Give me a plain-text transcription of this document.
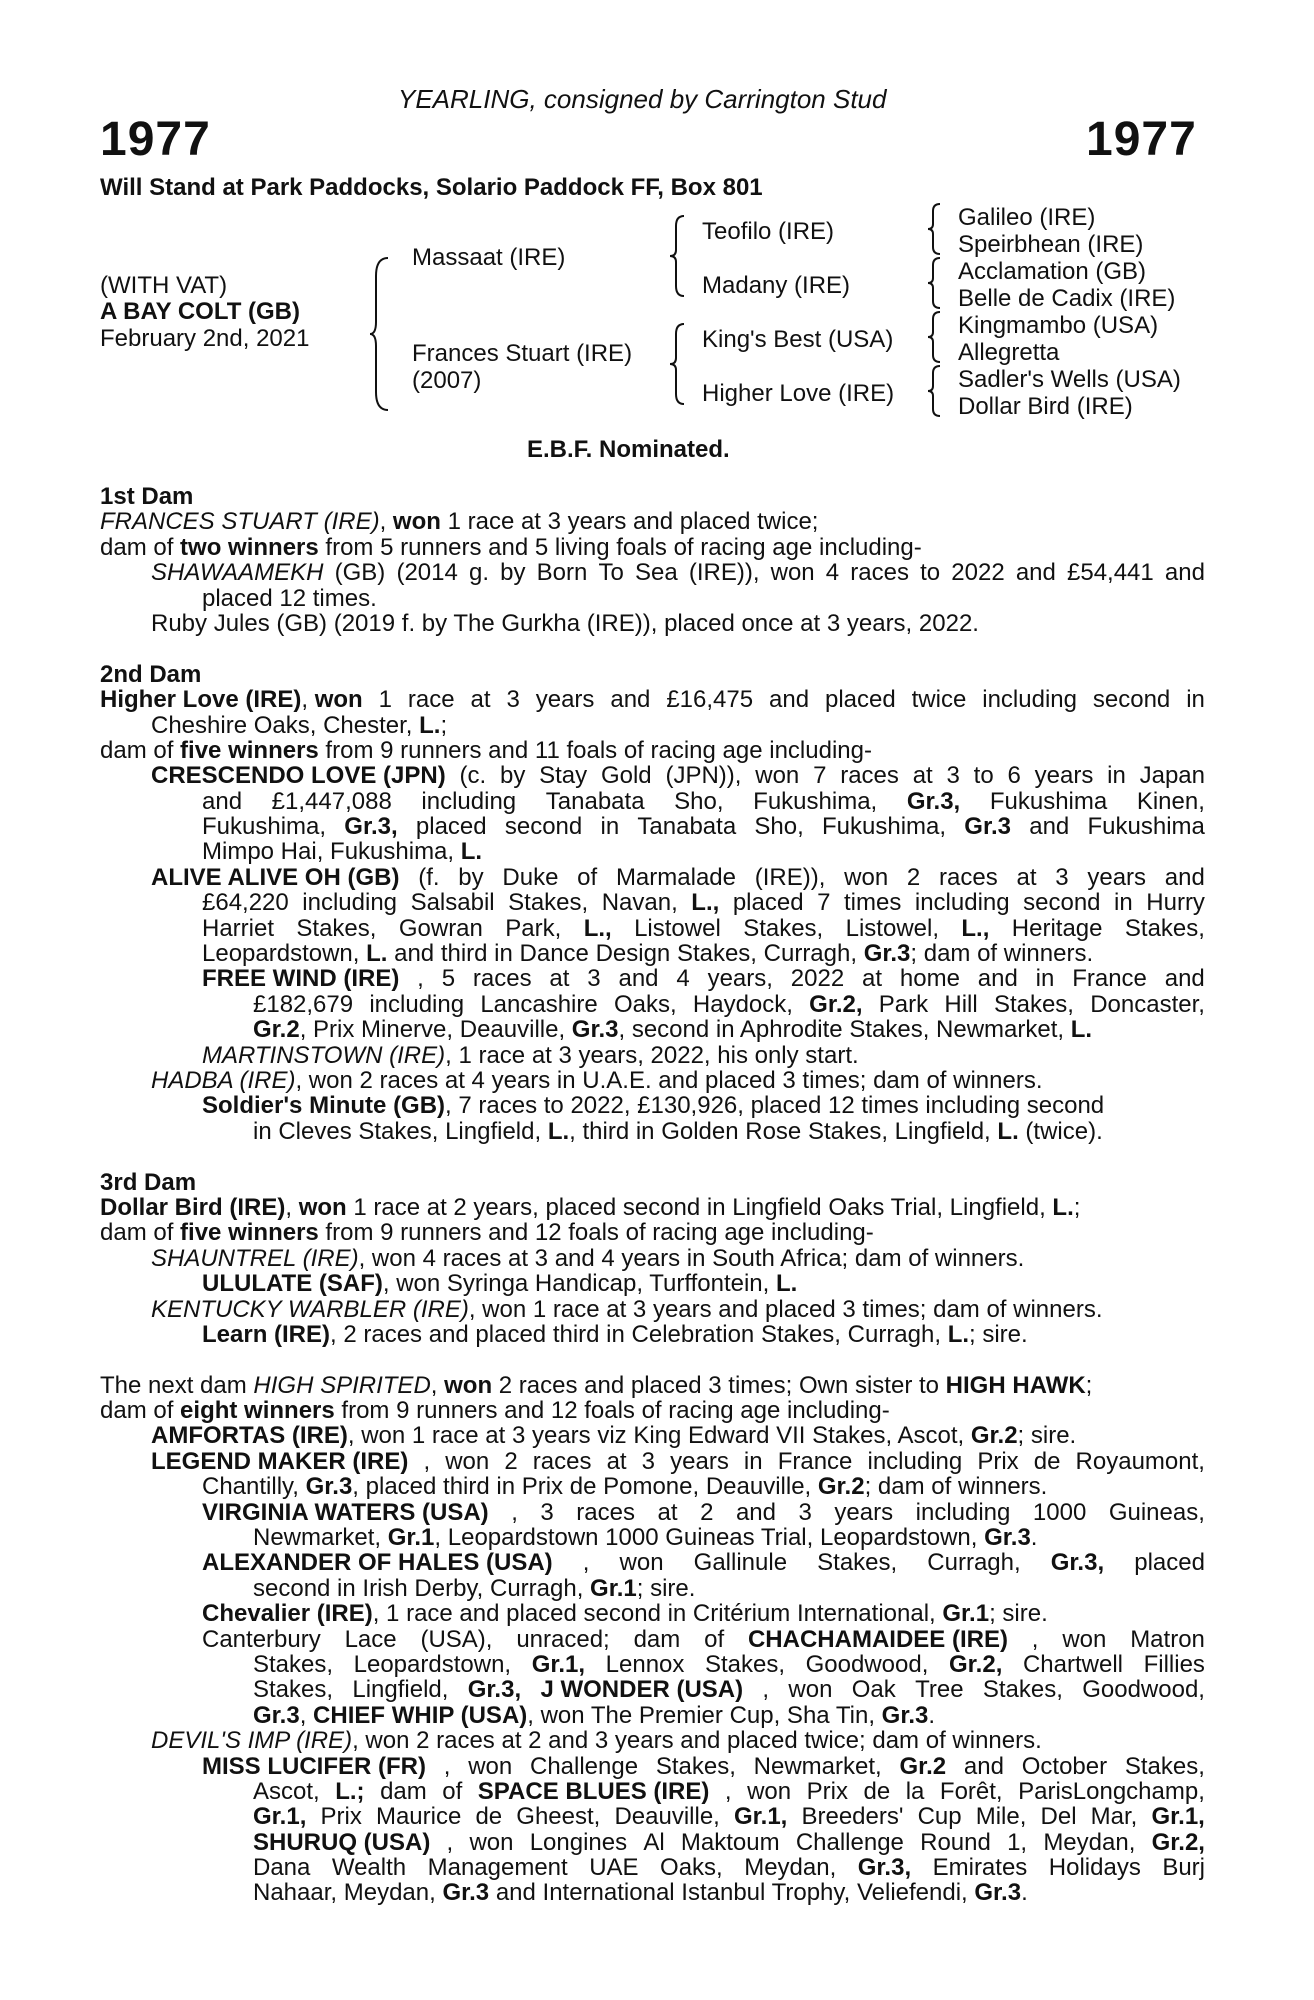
YEARLING, consigned by Carrington Stud
1977	1977
Will Stand at Park Paddocks, Solario Paddock FF, Box 801
(WITH VAT)
A BAY COLT (GB)
February 2nd, 2021
Massaat (IRE)
Frances Stuart (IRE)
(2007)
Teofilo (IRE)
Madany (IRE)
King's Best (USA)
Higher Love (IRE)
Galileo (IRE)
Speirbhean (IRE)
Acclamation (GB)
Belle de Cadix (IRE)
Kingmambo (USA)
Allegretta
Sadler's Wells (USA)
Dollar Bird (IRE)
E.B.F. Nominated.
1st Dam
FRANCES STUART (IRE), won 1 race at 3 years and placed twice;
dam of two winners from 5 runners and 5 living foals of racing age including-
SHAWAAMEKH (GB) (2014 g. by Born To Sea (IRE)), won 4 races to 2022 and £54,441 and
placed 12 times.
Ruby Jules (GB) (2019 f. by The Gurkha (IRE)), placed once at 3 years, 2022.
2nd Dam
Higher Love (IRE), won 1 race at 3 years and £16,475 and placed twice including second in
Cheshire Oaks, Chester, L.;
dam of five winners from 9 runners and 11 foals of racing age including-
CRESCENDO LOVE (JPN) (c. by Stay Gold (JPN)), won 7 races at 3 to 6 years in Japan
and £1,447,088 including Tanabata Sho, Fukushima, Gr.3, Fukushima Kinen,
Fukushima, Gr.3, placed second in Tanabata Sho, Fukushima, Gr.3 and Fukushima
Mimpo Hai, Fukushima, L.
ALIVE ALIVE OH (GB) (f. by Duke of Marmalade (IRE)), won 2 races at 3 years and
£64,220 including Salsabil Stakes, Navan, L., placed 7 times including second in Hurry
Harriet Stakes, Gowran Park, L., Listowel Stakes, Listowel, L., Heritage Stakes,
Leopardstown, L. and third in Dance Design Stakes, Curragh, Gr.3; dam of winners.
FREE WIND (IRE) , 5 races at 3 and 4 years, 2022 at home and in France and
£182,679 including Lancashire Oaks, Haydock, Gr.2, Park Hill Stakes, Doncaster,
Gr.2, Prix Minerve, Deauville, Gr.3, second in Aphrodite Stakes, Newmarket, L.
MARTINSTOWN (IRE), 1 race at 3 years, 2022, his only start.
HADBA (IRE), won 2 races at 4 years in U.A.E. and placed 3 times; dam of winners.
Soldier's Minute (GB), 7 races to 2022, £130,926, placed 12 times including second
in Cleves Stakes, Lingfield, L., third in Golden Rose Stakes, Lingfield, L. (twice).
3rd Dam
Dollar Bird (IRE), won 1 race at 2 years, placed second in Lingfield Oaks Trial, Lingfield, L.;
dam of five winners from 9 runners and 12 foals of racing age including-
SHAUNTREL (IRE), won 4 races at 3 and 4 years in South Africa; dam of winners.
ULULATE (SAF), won Syringa Handicap, Turffontein, L.
KENTUCKY WARBLER (IRE), won 1 race at 3 years and placed 3 times; dam of winners.
Learn (IRE), 2 races and placed third in Celebration Stakes, Curragh, L.; sire.
The next dam HIGH SPIRITED, won 2 races and placed 3 times; Own sister to HIGH HAWK;
dam of eight winners from 9 runners and 12 foals of racing age including-
AMFORTAS (IRE), won 1 race at 3 years viz King Edward VII Stakes, Ascot, Gr.2; sire.
LEGEND MAKER (IRE) , won 2 races at 3 years in France including Prix de Royaumont,
Chantilly, Gr.3, placed third in Prix de Pomone, Deauville, Gr.2; dam of winners.
VIRGINIA WATERS (USA) , 3 races at 2 and 3 years including 1000 Guineas,
Newmarket, Gr.1, Leopardstown 1000 Guineas Trial, Leopardstown, Gr.3.
ALEXANDER OF HALES (USA) , won Gallinule Stakes, Curragh, Gr.3, placed
second in Irish Derby, Curragh, Gr.1; sire.
Chevalier (IRE), 1 race and placed second in Critérium International, Gr.1; sire.
Canterbury Lace (USA), unraced; dam of CHACHAMAIDEE (IRE) , won Matron
Stakes, Leopardstown, Gr.1, Lennox Stakes, Goodwood, Gr.2, Chartwell Fillies
Stakes, Lingfield, Gr.3, J WONDER (USA) , won Oak Tree Stakes, Goodwood,
Gr.3, CHIEF WHIP (USA), won The Premier Cup, Sha Tin, Gr.3.
DEVIL'S IMP (IRE), won 2 races at 2 and 3 years and placed twice; dam of winners.
MISS LUCIFER (FR) , won Challenge Stakes, Newmarket, Gr.2 and October Stakes,
Ascot, L.; dam of SPACE BLUES (IRE) , won Prix de la Forêt, ParisLongchamp,
Gr.1, Prix Maurice de Gheest, Deauville, Gr.1, Breeders' Cup Mile, Del Mar, Gr.1,
SHURUQ (USA) , won Longines Al Maktoum Challenge Round 1, Meydan, Gr.2,
Dana Wealth Management UAE Oaks, Meydan, Gr.3, Emirates Holidays Burj
Nahaar, Meydan, Gr.3 and International Istanbul Trophy, Veliefendi, Gr.3.
